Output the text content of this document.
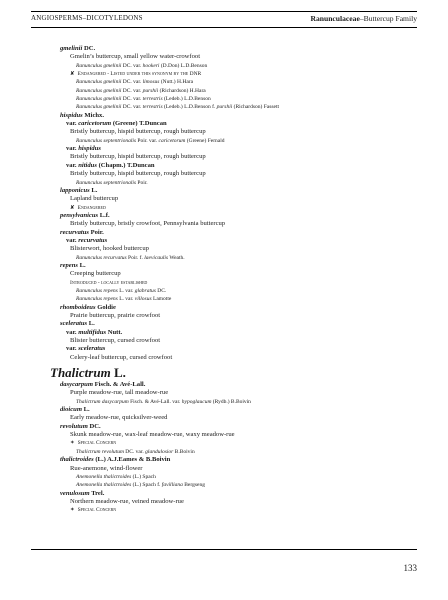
ANGIOSPERMS–DICOTYLEDONS	Ranunculaceae–Buttercup Family
gmelinii DC.
Gmelin’s buttercup, small yellow water-crowfoot
Ranunculus gmelinii DC. var. hookeri (D.Don) L.D.Benson
✘ Endangered - Listed under this synonym by the DNR
Ranunculus gmelinii DC. var. limosus (Nutt.) H.Hara
Ranunculus gmelinii DC. var. purshii (Richardson) H.Hara
Ranunculus gmelinii DC. var. terrestris (Ledeb.) L.D.Benson
Ranunculus gmelinii DC. var. terrestris (Ledeb.) L.D.Benson f. purshii (Richardson) Fassett
hispidus Michx.
var. caricetorum (Greene) T.Duncan
Bristly buttercup, hispid buttercup, rough buttercup
Ranunculus septentrionalis Poir. var. caricetorum (Greene) Fernald
var. hispidus
Bristly buttercup, hispid buttercup, rough buttercup
var. nitidus (Chapm.) T.Duncan
Bristly buttercup, hispid buttercup, rough buttercup
Ranunculus septentrionalis Poir.
lapponicus L.
Lapland buttercup
✘ Endangered
pensylvanicus L.f.
Bristly buttercup, bristly crowfoot, Pennsylvania buttercup
recurvatus Poir.
var. recurvatus
Blisterwort, hooked buttercup
Ranunculus recurvatus Poir. f. laevicaulis Weath.
repens L.
Creeping buttercup
Introduced - locally established
Ranunculus repens L. var. glabratus DC.
Ranunculus repens L. var. villosus Lamotte
rhomboideus Goldie
Prairie buttercup, prairie crowfoot
sceleratus L.
var. multifidus Nutt.
Blister buttercup, cursed crowfoot
var. sceleratus
Celery-leaf buttercup, cursed crowfoot
Thalictrum L.
dasycarpum Fisch. & Avé-Lall.
Purple meadow-rue, tall meadow-rue
Thalictrum dasycarpum Fisch. & Avé-Lall. var. hypoglaucum (Rydb.) B.Boivin
dioicum L.
Early meadow-rue, quicksilver-weed
revolutum DC.
Skunk meadow-rue, wax-leaf meadow-rue, waxy meadow-rue
✶ Special Concern
Thalictrum revolutum DC. var. glandulosior B.Boivin
thalictroides (L.) A.J.Eames & B.Boivin
Rue-anemone, wind-flower
Anemonella thalictroides (L.) Spach
Anemonella thalictroides (L.) Spach f. favilliana Bergseng
venulosum Trel.
Northern meadow-rue, veined meadow-rue
✶ Special Concern
133
